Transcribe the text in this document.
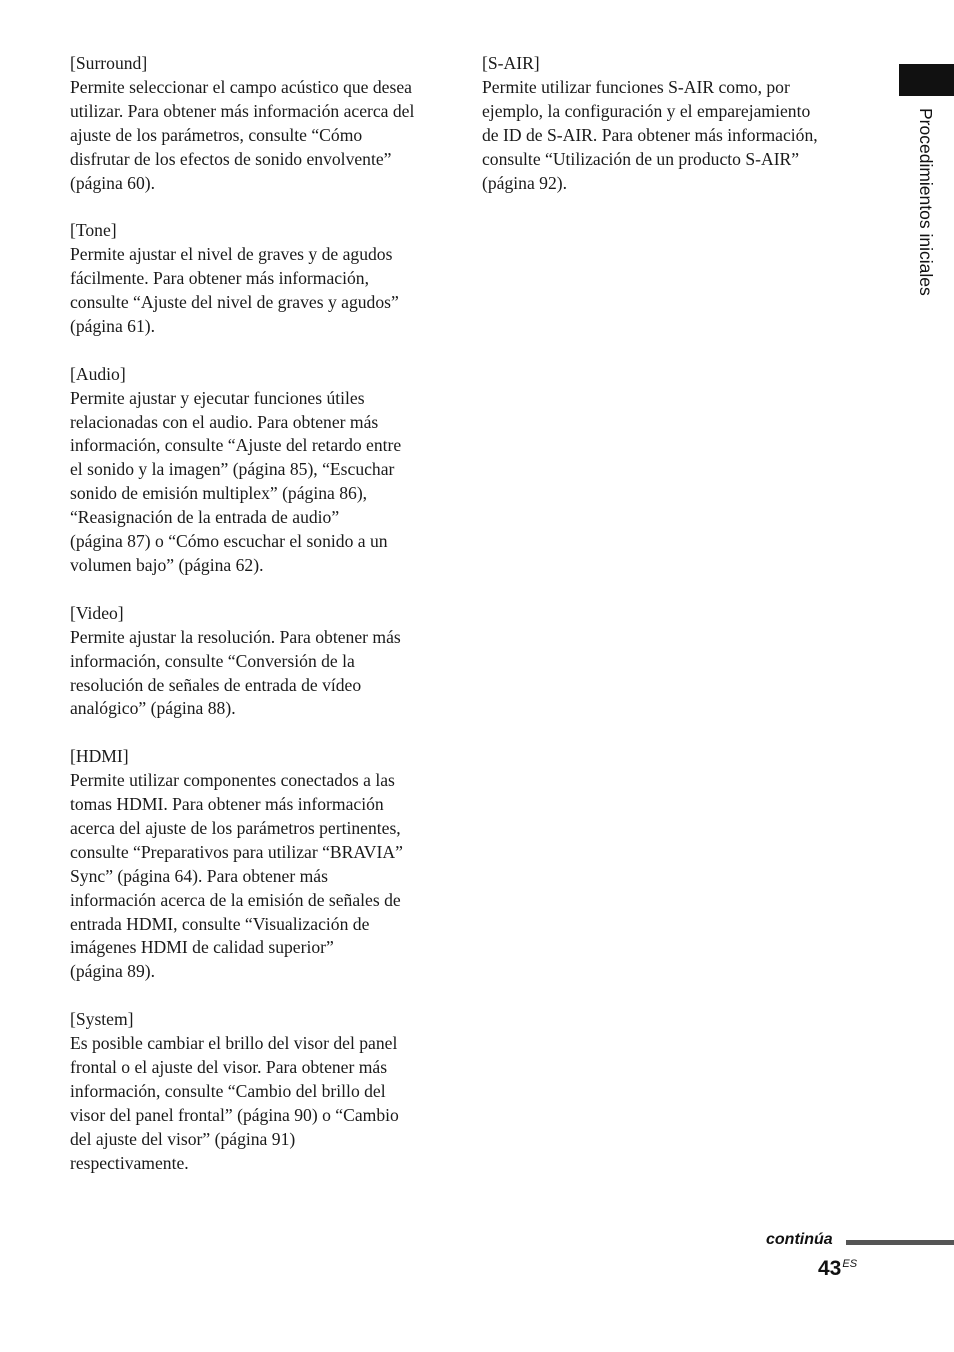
Procedimientos iniciales
[Surround]
Permite seleccionar el campo acústico que desea
utilizar. Para obtener más información acerca del
ajuste de los parámetros, consulte “Cómo
disfrutar de los efectos de sonido envolvente”
(página 60).
[Tone]
Permite ajustar el nivel de graves y de agudos
fácilmente. Para obtener más información,
consulte “Ajuste del nivel de graves y agudos”
(página 61).
[Audio]
Permite ajustar y ejecutar funciones útiles
relacionadas con el audio. Para obtener más
información, consulte “Ajuste del retardo entre
el sonido y la imagen” (página 85), “Escuchar
sonido de emisión multiplex” (página 86),
“Reasignación de la entrada de audio”
(página 87) o “Cómo escuchar el sonido a un
volumen bajo” (página 62).
[Video]
Permite ajustar la resolución. Para obtener más
información, consulte “Conversión de la
resolución de señales de entrada de vídeo
analógico” (página 88).
[HDMI]
Permite utilizar componentes conectados a las
tomas HDMI. Para obtener más información
acerca del ajuste de los parámetros pertinentes,
consulte “Preparativos para utilizar “BRAVIA”
Sync” (página 64). Para obtener más
información acerca de la emisión de señales de
entrada HDMI, consulte “Visualización de
imágenes HDMI de calidad superior”
(página 89).
[System]
Es posible cambiar el brillo del visor del panel
frontal o el ajuste del visor. Para obtener más
información, consulte “Cambio del brillo del
visor del panel frontal” (página 90) o “Cambio
del ajuste del visor” (página 91)
respectivamente.
[S-AIR]
Permite utilizar funciones S-AIR como, por
ejemplo, la configuración y el emparejamiento
de ID de S-AIR. Para obtener más información,
consulte “Utilización de un producto S-AIR”
(página 92).
continúa
$43^{ES}$
